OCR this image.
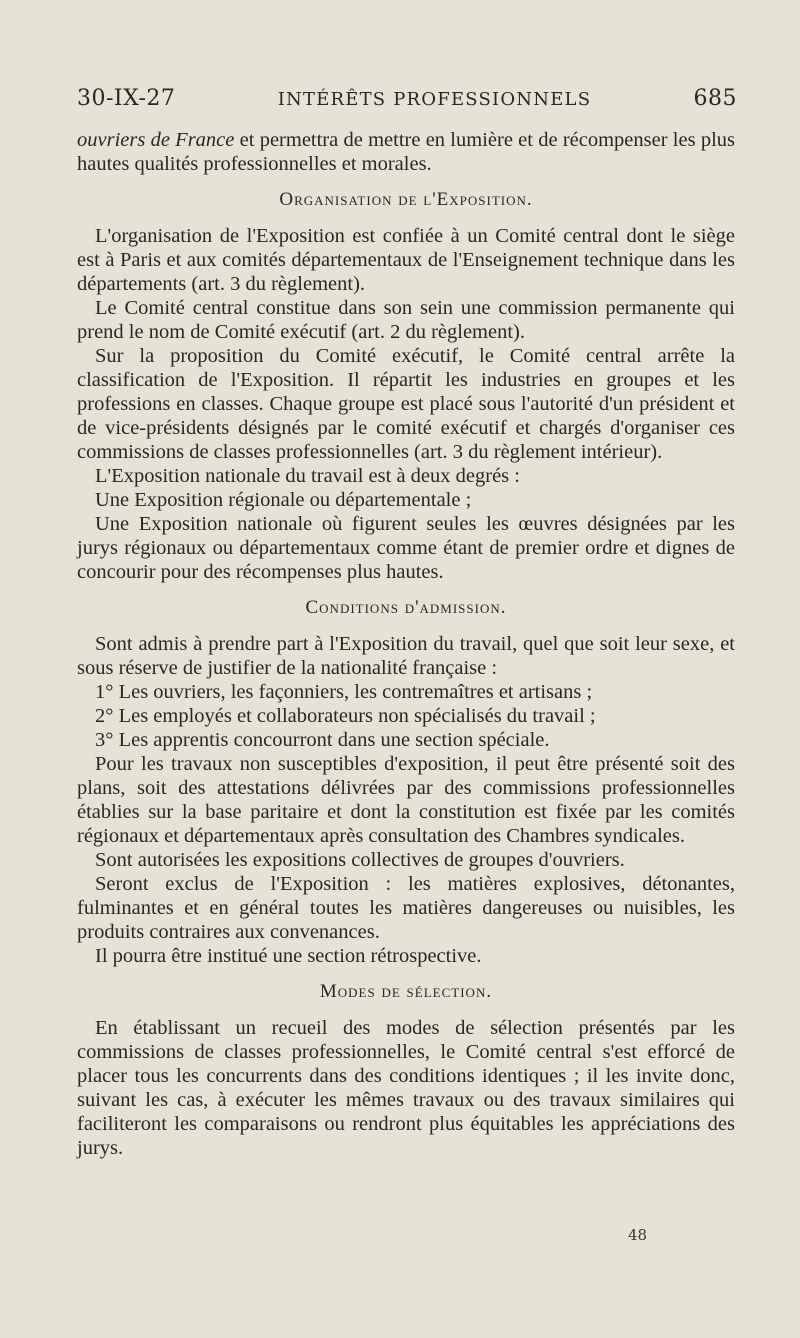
30-IX-27	INTÉRÊTS PROFESSIONNELS	685

ouvriers de France et permettra de mettre en lumière et de récompenser les plus hautes qualités professionnelles et morales.

Organisation de l'Exposition.

L'organisation de l'Exposition est confiée à un Comité central dont le siège est à Paris et aux comités départementaux de l'Enseignement technique dans les départements (art. 3 du règlement).

Le Comité central constitue dans son sein une commission permanente qui prend le nom de Comité exécutif (art. 2 du règlement).

Sur la proposition du Comité exécutif, le Comité central arrête la classification de l'Exposition. Il répartit les industries en groupes et les professions en classes. Chaque groupe est placé sous l'autorité d'un président et de vice-présidents désignés par le comité exécutif et chargés d'organiser ces commissions de classes professionnelles (art. 3 du règlement intérieur).

L'Exposition nationale du travail est à deux degrés :

Une Exposition régionale ou départementale ;

Une Exposition nationale où figurent seules les œuvres désignées par les jurys régionaux ou départementaux comme étant de premier ordre et dignes de concourir pour des récompenses plus hautes.

Conditions d'admission.

Sont admis à prendre part à l'Exposition du travail, quel que soit leur sexe, et sous réserve de justifier de la nationalité française :

1° Les ouvriers, les façonniers, les contremaîtres et artisans ;

2° Les employés et collaborateurs non spécialisés du travail ;

3° Les apprentis concourront dans une section spéciale.

Pour les travaux non susceptibles d'exposition, il peut être présenté soit des plans, soit des attestations délivrées par des commissions professionnelles établies sur la base paritaire et dont la constitution est fixée par les comités régionaux et départementaux après consultation des Chambres syndicales.

Sont autorisées les expositions collectives de groupes d'ouvriers.

Seront exclus de l'Exposition : les matières explosives, détonantes, fulminantes et en général toutes les matières dangereuses ou nuisibles, les produits contraires aux convenances.

Il pourra être institué une section rétrospective.

Modes de sélection.

En établissant un recueil des modes de sélection présentés par les commissions de classes professionnelles, le Comité central s'est efforcé de placer tous les concurrents dans des conditions identiques ; il les invite donc, suivant les cas, à exécuter les mêmes travaux ou des travaux similaires qui faciliteront les comparaisons ou rendront plus équitables les appréciations des jurys.

48
